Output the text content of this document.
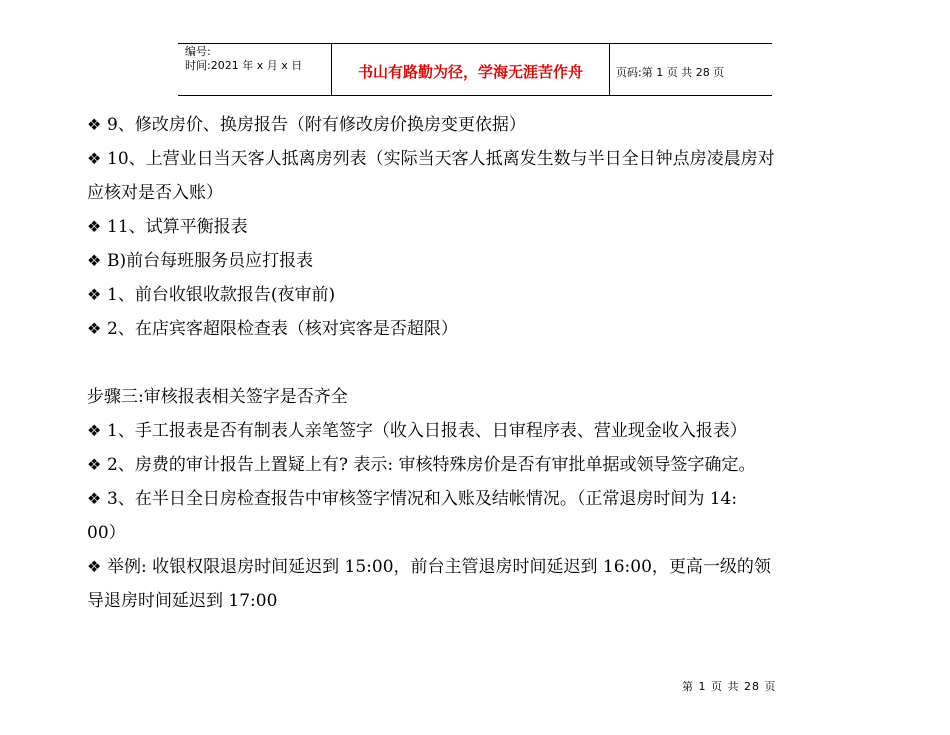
编号:
时间:2021 年 x 月 x 日	书山有路勤为径，学海无涯苦作舟	页码:第 1 页 共 28 页
❖ 9、修改房价、换房报告（附有修改房价换房变更依据）
❖ 10、上营业日当天客人抵离房列表（实际当天客人抵离发生数与半日全日钟点房凌晨房对
应核对是否入账）
❖ 11、试算平衡报表
❖ B)前台每班服务员应打报表
❖ 1、前台收银收款报告(夜审前)
❖ 2、在店宾客超限检查表（核对宾客是否超限）
步骤三:审核报表相关签字是否齐全
❖ 1、手工报表是否有制表人亲笔签字（收入日报表、日审程序表、营业现金收入报表）
❖ 2、房费的审计报告上置疑上有? 表示: 审核特殊房价是否有审批单据或领导签字确定。
❖ 3、在半日全日房检查报告中审核签字情况和入账及结帐情况。（正常退房时间为 14:
00）
❖ 举例: 收银权限退房时间延迟到 15:00，前台主管退房时间延迟到 16:00，更高一级的领
导退房时间延迟到 17:00
第 1 页 共 28 页
